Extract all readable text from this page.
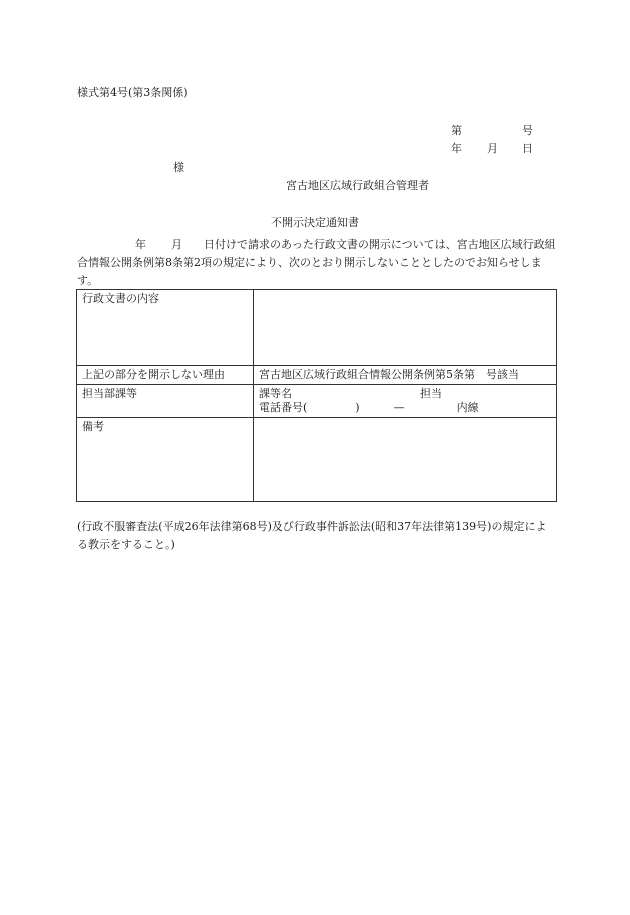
様式第4号(第3条関係)
第	号
年 月 日
様
宮古地区広域行政組合管理者
不開示決定通知書
年 月 日付けで請求のあった行政文書の開示については、宮古地区広域行政組合情報公開条例第8条第2項の規定により、次のとおり開示しないこととしたのでお知らせします。
行政文書の内容	
上記の部分を開示しない理由	宮古地区広域行政組合情報公開条例第5条第　号該当
担当部課等	課等名 担当
電話番号( ) — 内線

備考	
(行政不服審査法(平成26年法律第68号)及び行政事件訴訟法(昭和37年法律第139号)の規定による教示をすること。)
